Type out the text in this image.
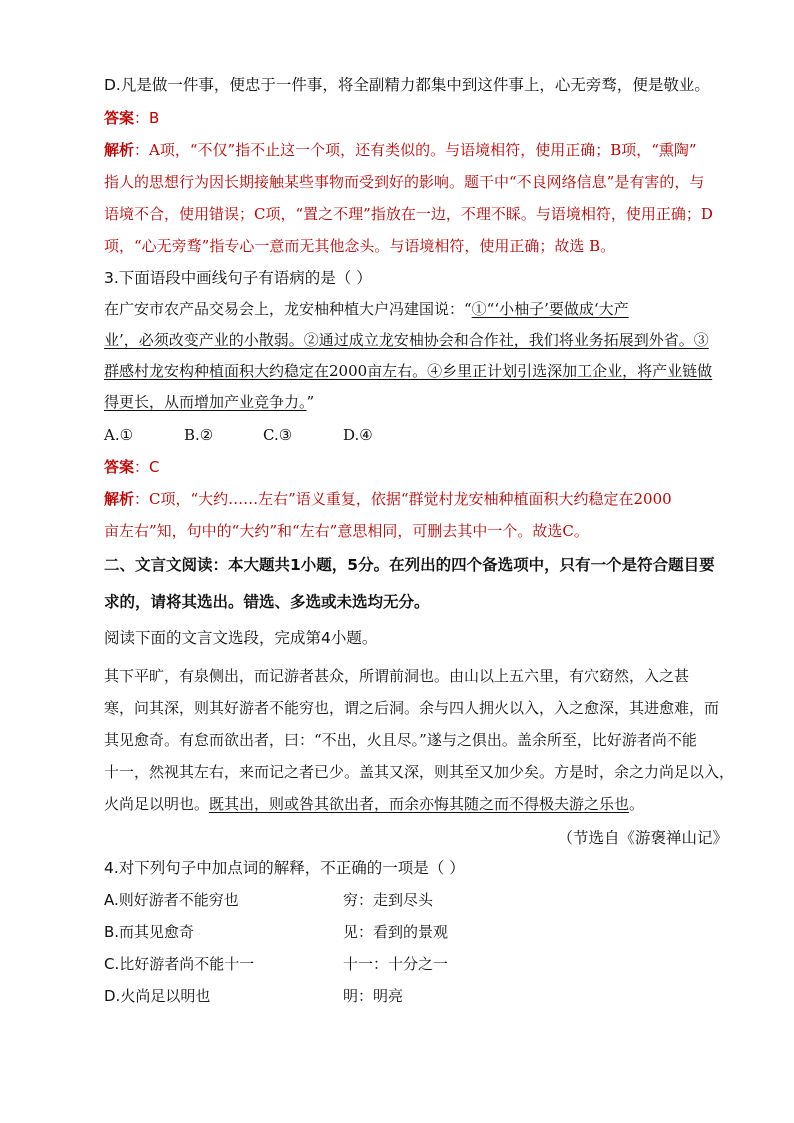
D.凡是做一件事，便忠于一件事，将全副精力都集中到这件事上，心无旁骛，便是敬业。
答案：B
解析：A项，“不仅”指不止这一个项，还有类似的。与语境相符，使用正确；B项，“熏陶”
指人的思想行为因长期接触某些事物而受到好的影响。题干中“不良网络信息”是有害的，与
语境不合，使用错误；C项，“置之不理”指放在一边，不理不睬。与语境相符，使用正确；D
项，“心无旁骛”指专心一意而无其他念头。与语境相符，使用正确；故选 B。
3.下面语段中画线句子有语病的是（ ）
在广安市农产品交易会上，龙安柚种植大户冯建国说：“①“‘小柚子’要做成‘大产
业’，必须改变产业的小散弱。②通过成立龙安柚协会和合作社，我们将业务拓展到外省。③
群感村龙安构种植面积大约稳定在2000亩左右。④乡里正计划引选深加工企业，将产业链做
得更长，从而增加产业竞争力。”
A.①	B.②	C.③	D.④
答案：C
解析：C项，“大约……左右”语义重复，依据“群觉村龙安柚种植面积大约稳定在2000
亩左右”知，句中的“大约”和“左右”意思相同，可删去其中一个。故选C。
二、文言文阅读：本大题共1小题，5分。在列出的四个备选项中，只有一个是符合题目要
求的，请将其选出。错选、多选或未选均无分。
阅读下面的文言文选段，完成第4小题。
其下平旷，有泉侧出，而记游者甚众，所谓前洞也。由山以上五六里，有穴窈然，入之甚
寒，问其深，则其好游者不能穷也，谓之后洞。余与四人拥火以入，入之愈深，其进愈难，而
其见愈奇。有怠而欲出者，曰：“不出，火且尽。”遂与之俱出。盖余所至，比好游者尚不能
十一，然视其左右，来而记之者已少。盖其又深，则其至又加少矣。方是时，余之力尚足以入，
火尚足以明也。既其出，则或咎其欲出者，而余亦悔其随之而不得极夫游之乐也。
（节选自《游褒禅山记》
4.对下列句子中加点词的解释，不正确的一项是（ ）
A.则好游者不能穷也	穷：走到尽头
B.而其见愈奇	见：看到的景观
C.比好游者尚不能十一	十一：十分之一
D.火尚足以明也	明：明亮
